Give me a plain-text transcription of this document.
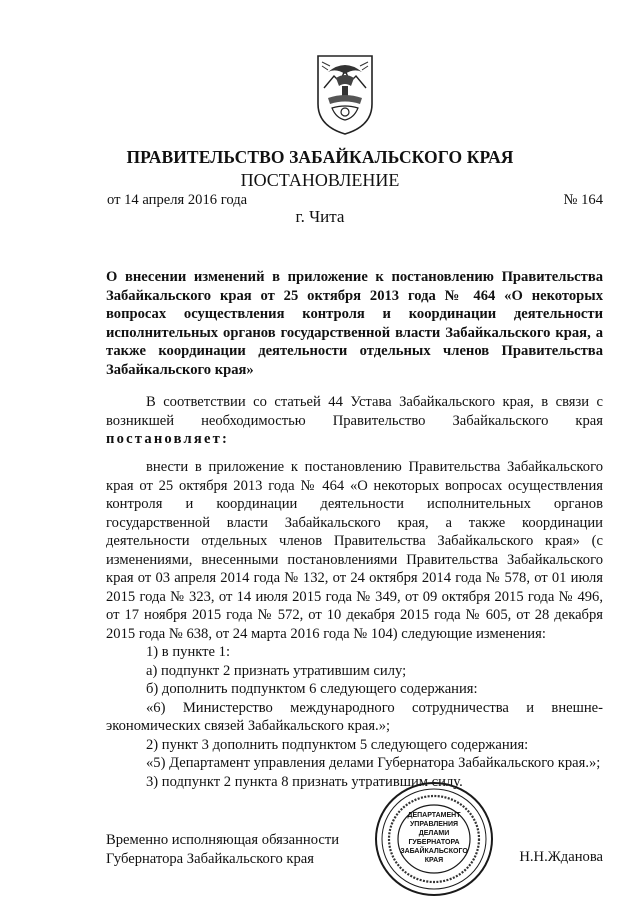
ПРАВИТЕЛЬСТВО ЗАБАЙКАЛЬСКОГО КРАЯ
ПОСТАНОВЛЕНИЕ
от 14 апреля 2016 года	№ 164
г. Чита
О внесении изменений в приложение к постановлению Правительства Забайкальского края от 25 октября 2013 года № 464 «О некоторых вопросах осуществления контроля и координации деятельности исполнительных органов государственной власти Забайкальского края, а также координации деятельности отдельных членов Правительства Забайкальского края»
В соответствии со статьей 44 Устава Забайкальского края, в связи с возникшей необходимостью Правительство Забайкальского края постановляет:
внести в приложение к постановлению Правительства Забайкальского края от 25 октября 2013 года № 464 «О некоторых вопросах осуществления контроля и координации деятельности исполнительных органов государственной власти Забайкальского края, а также координации деятельности отдельных членов Правительства Забайкальского края» (с изменениями, внесенными постановлениями Правительства Забайкальского края от 03 апреля 2014 года № 132, от 24 октября 2014 года № 578, от 01 июля 2015 года № 323, от 14 июля 2015 года № 349, от 09 октября 2015 года № 496, от 17 ноября 2015 года № 572, от 10 декабря 2015 года № 605, от 28 декабря 2015 года № 638, от 24 марта 2016 года № 104) следующие изменения:
1) в пункте 1:
а) подпункт 2 признать утратившим силу;
б) дополнить подпунктом 6 следующего содержания:
«6) Министерство международного сотрудничества и внешне-экономических связей Забайкальского края.»;
2) пункт 3 дополнить подпунктом 5 следующего содержания:
«5) Департамент управления делами Губернатора Забайкальского края.»;
3) подпункт 2 пункта 8 признать утратившим силу.
Временно исполняющая обязанности
Губернатора Забайкальского края	Н.Н.Жданова
ДЕПАРТАМЕНТ
УПРАВЛЕНИЯ
ДЕЛАМИ
ГУБЕРНАТОРА
ЗАБАЙКАЛЬСКОГО
КРАЯ
